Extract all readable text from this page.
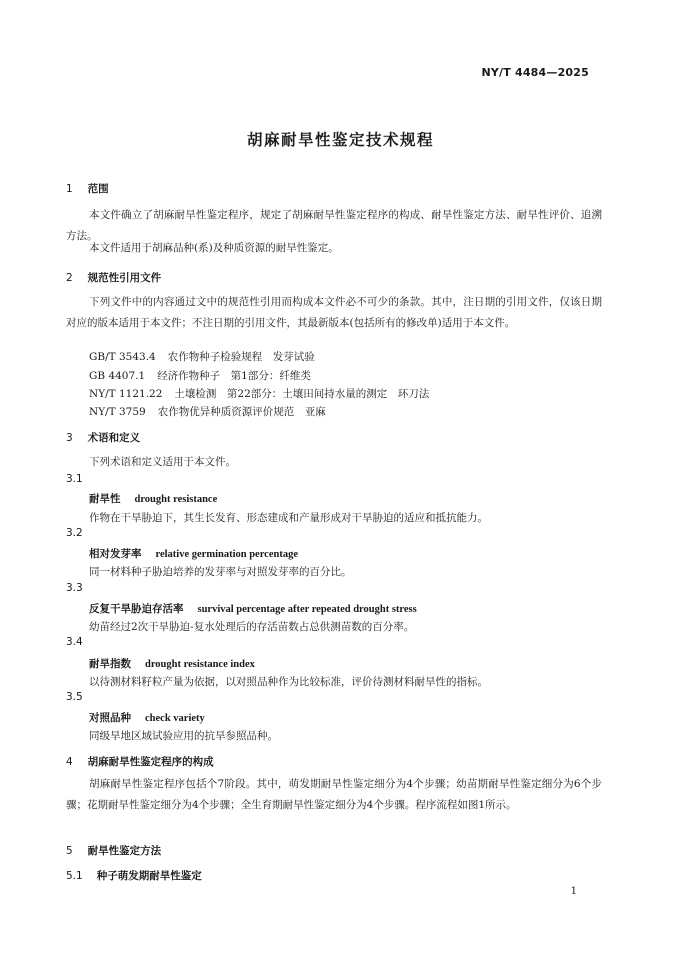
NY/T 4484—2025
胡麻耐旱性鉴定技术规程
1 范围
本文件确立了胡麻耐旱性鉴定程序，规定了胡麻耐旱性鉴定程序的构成、耐旱性鉴定方法、耐旱性评价、追溯方法。
本文件适用于胡麻品种(系)及种质资源的耐旱性鉴定。
2 规范性引用文件
下列文件中的内容通过文中的规范性引用而构成本文件必不可少的条款。其中，注日期的引用文件，仅该日期对应的版本适用于本文件；不注日期的引用文件，其最新版本(包括所有的修改单)适用于本文件。
GB/T 3543.4 农作物种子检验规程　发芽试验
GB 4407.1 经济作物种子　第1部分：纤维类
NY/T 1121.22 土壤检测　第22部分：土壤田间持水量的测定　环刀法
NY/T 3759 农作物优异种质资源评价规范　亚麻
3 术语和定义
下列术语和定义适用于本文件。
3.1
耐旱性 drought resistance
作物在干旱胁迫下，其生长发育、形态建成和产量形成对干旱胁迫的适应和抵抗能力。
3.2
相对发芽率 relative germination percentage
同一材料种子胁迫培养的发芽率与对照发芽率的百分比。
3.3
反复干旱胁迫存活率 survival percentage after repeated drought stress
幼苗经过2次干旱胁迫-复水处理后的存活苗数占总供测苗数的百分率。
3.4
耐旱指数 drought resistance index
以待测材料籽粒产量为依据，以对照品种作为比较标准，评价待测材料耐旱性的指标。
3.5
对照品种 check variety
同级旱地区域试验应用的抗旱参照品种。
4 胡麻耐旱性鉴定程序的构成
胡麻耐旱性鉴定程序包括个7阶段。其中，萌发期耐旱性鉴定细分为4个步骤；幼苗期耐旱性鉴定细分为6个步骤；花期耐旱性鉴定细分为4个步骤；全生育期耐旱性鉴定细分为4个步骤。程序流程如图1所示。
5 耐旱性鉴定方法
5.1 种子萌发期耐旱性鉴定
1
